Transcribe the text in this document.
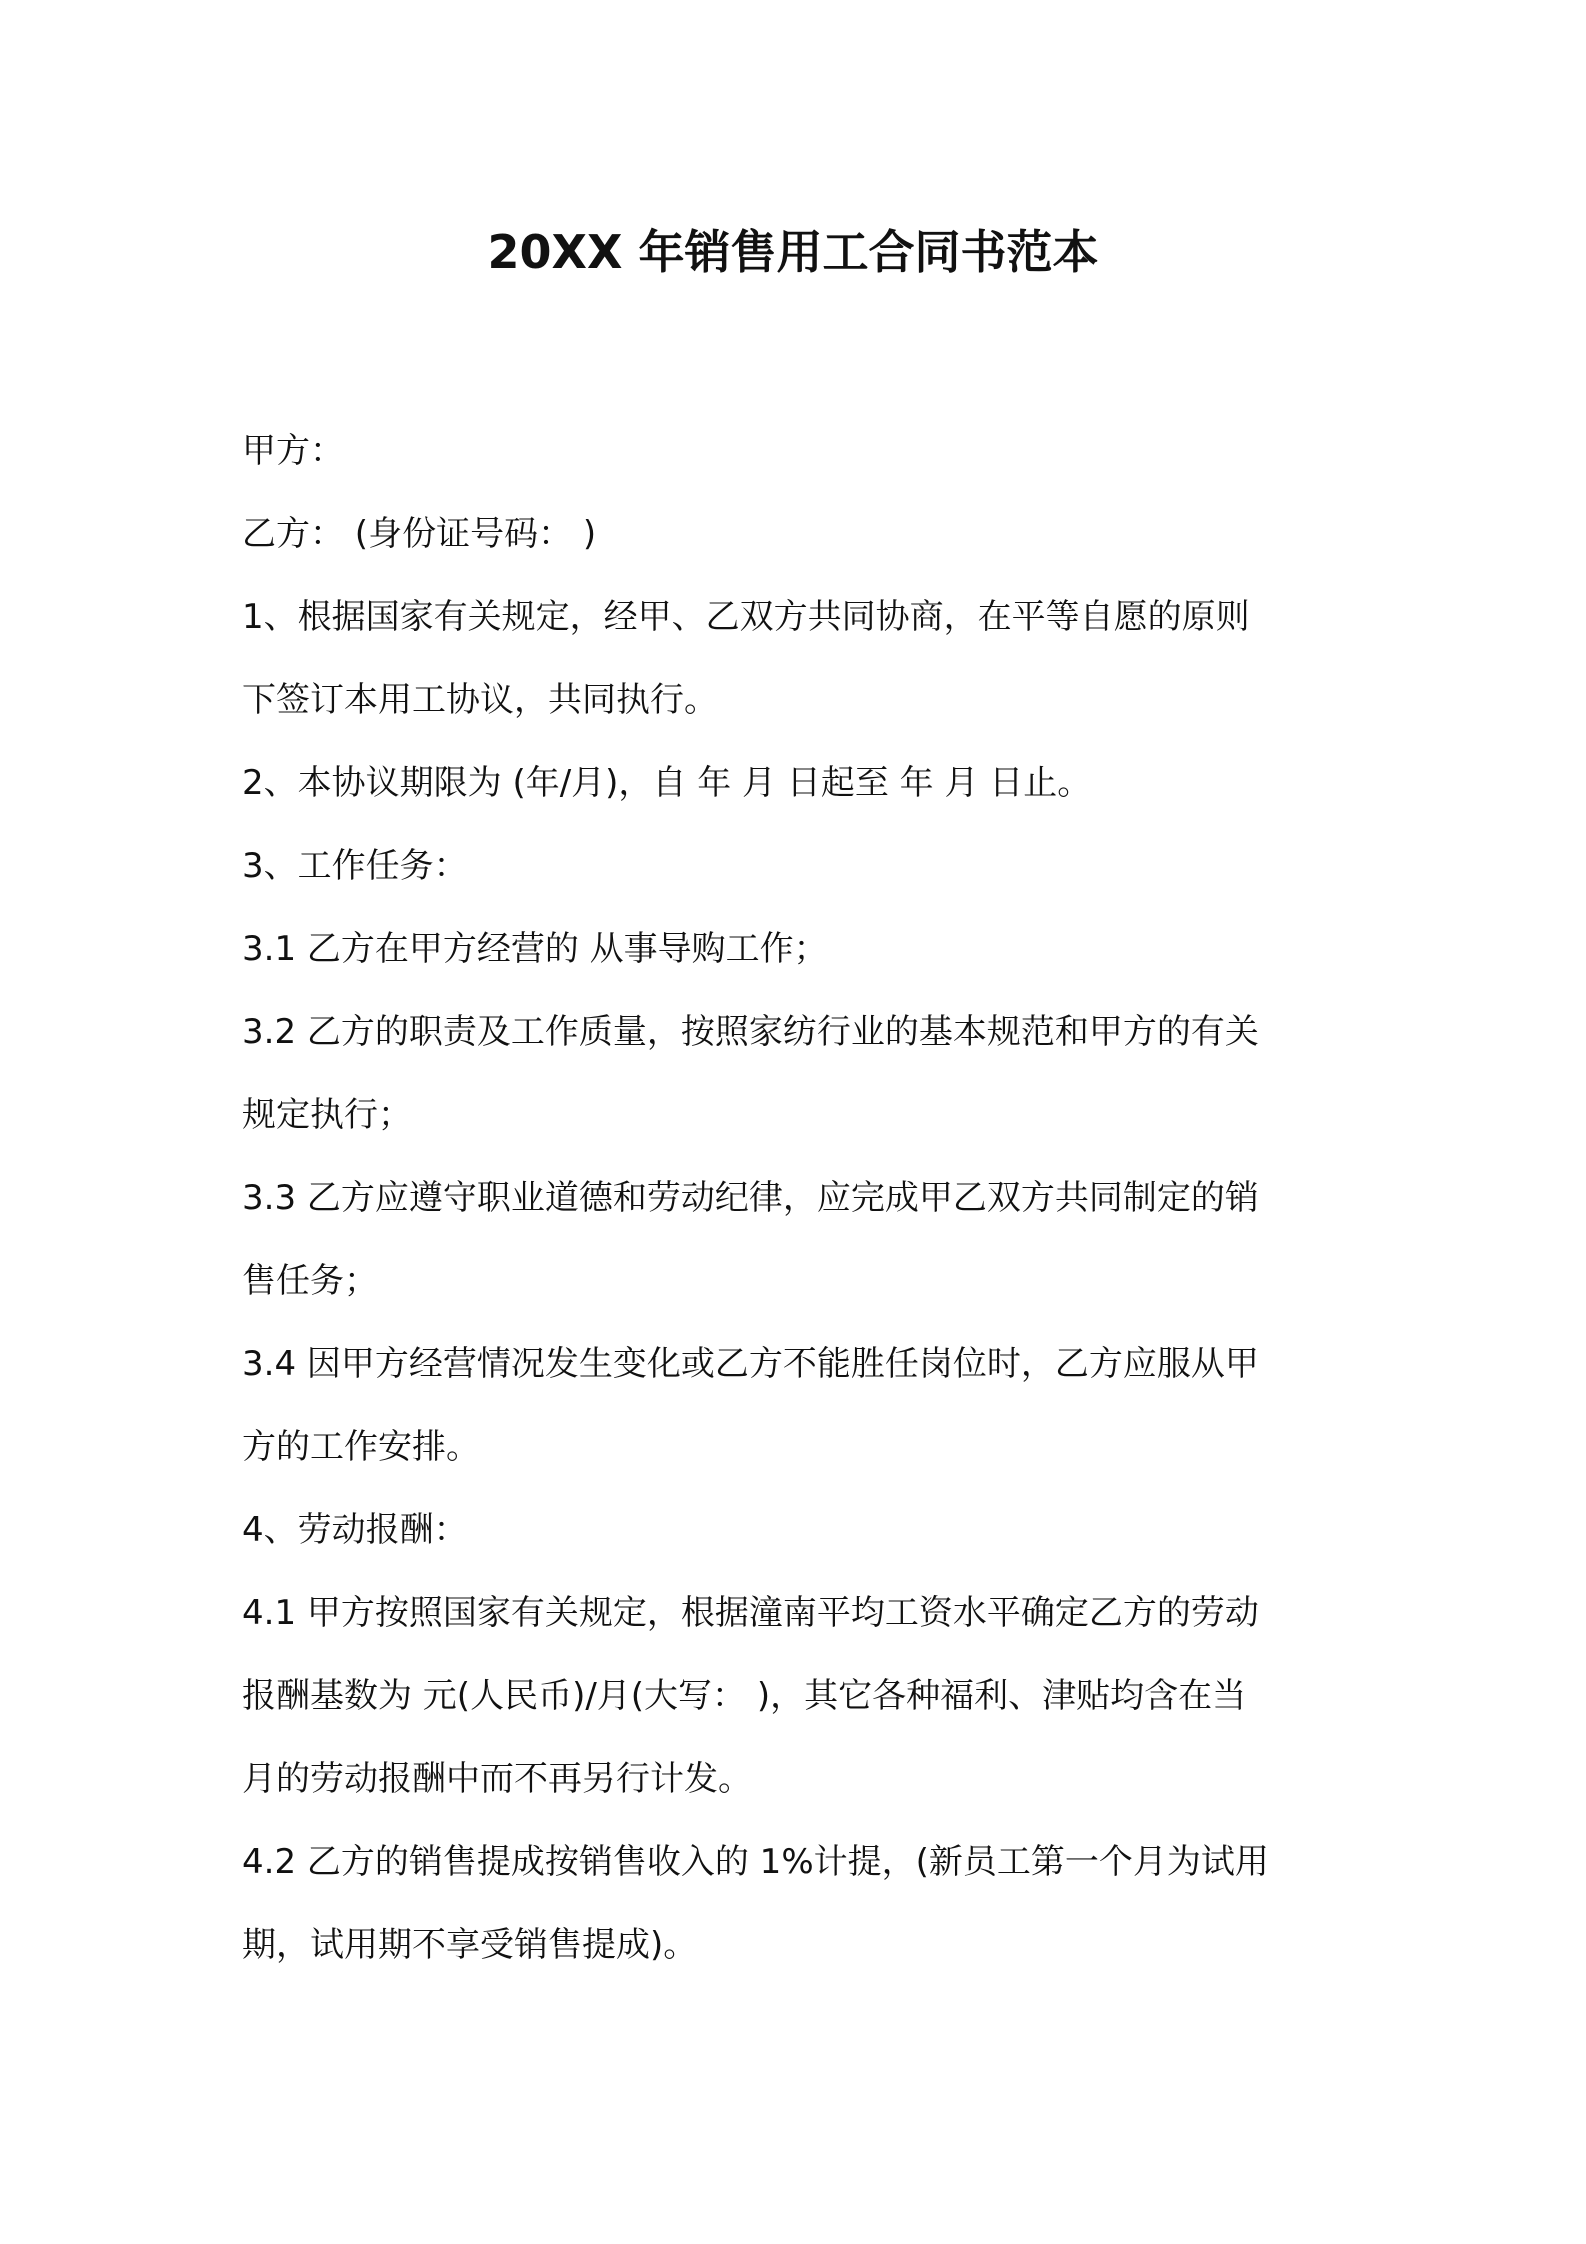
20XX 年销售用工合同书范本
甲方：
乙方： (身份证号码： )
1、根据国家有关规定，经甲、乙双方共同协商，在平等自愿的原则
下签订本用工协议，共同执行。
2、本协议期限为 (年/月)，自 年 月 日起至 年 月 日止。
3、工作任务：
3.1 乙方在甲方经营的 从事导购工作；
3.2 乙方的职责及工作质量，按照家纺行业的基本规范和甲方的有关
规定执行；
3.3 乙方应遵守职业道德和劳动纪律，应完成甲乙双方共同制定的销
售任务；
3.4 因甲方经营情况发生变化或乙方不能胜任岗位时，乙方应服从甲
方的工作安排。
4、劳动报酬：
4.1 甲方按照国家有关规定，根据潼南平均工资水平确定乙方的劳动
报酬基数为 元(人民币)/月(大写： )，其它各种福利、津贴均含在当
月的劳动报酬中而不再另行计发。
4.2 乙方的销售提成按销售收入的 1%计提，(新员工第一个月为试用
期，试用期不享受销售提成)。
